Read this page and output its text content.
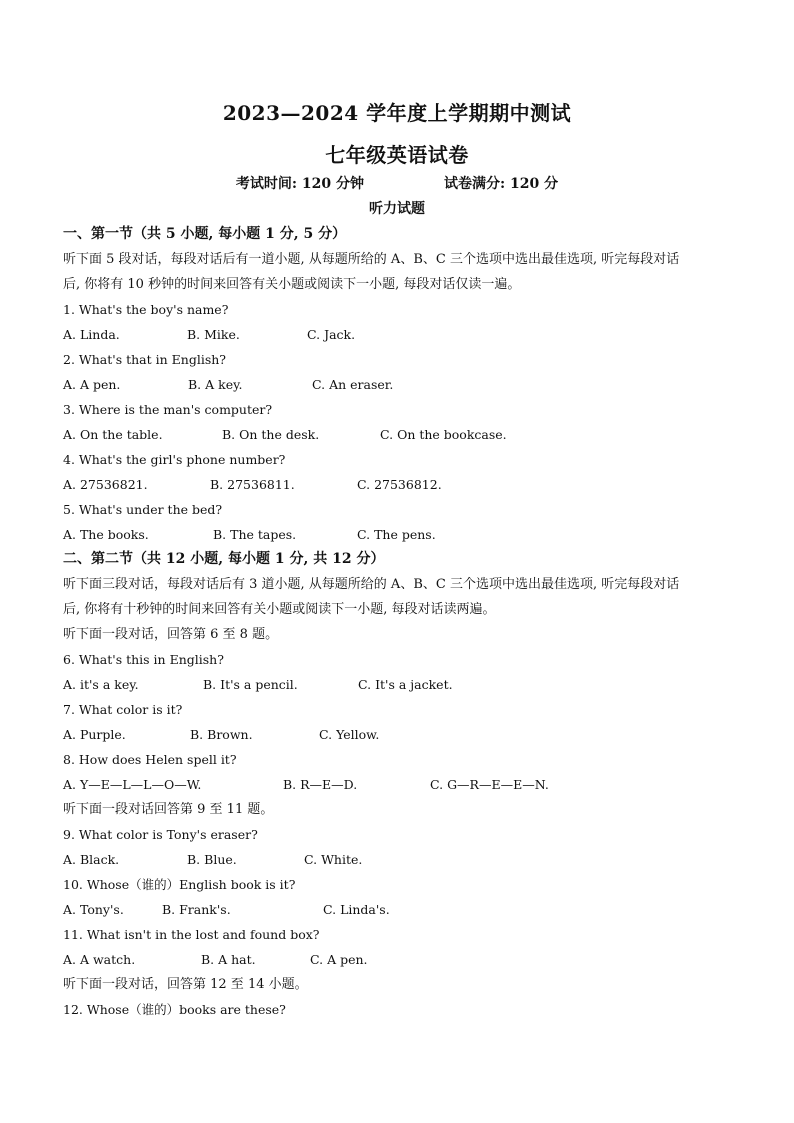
2023—2024 学年度上学期期中测试
七年级英语试卷
考试时间: 120 分钟	试卷满分: 120 分
听力试题
一、第一节（共 5 小题, 每小题 1 分, 5 分）
听下面 5 段对话，每段对话后有一道小题, 从每题所给的 A、B、C 三个选项中选出最佳选项, 听完每段对话
后, 你将有 10 秒钟的时间来回答有关小题或阅读下一小题, 每段对话仅读一遍。
1. What's the boy's name?
A. Linda.	B. Mike.	C. Jack.
2. What's that in English?
A. A pen.	B. A key.	C. An eraser.
3. Where is the man's computer?
A. On the table.	B. On the desk.	C. On the bookcase.
4. What's the girl's phone number?
A. 27536821.	B. 27536811.	C. 27536812.
5. What's under the bed?
A. The books.	B. The tapes.	C. The pens.
二、第二节（共 12 小题, 每小题 1 分, 共 12 分）
听下面三段对话，每段对话后有 3 道小题, 从每题所给的 A、B、C 三个选项中选出最佳选项, 听完每段对话
后, 你将有十秒钟的时间来回答有关小题或阅读下一小题, 每段对话读两遍。
听下面一段对话，回答第 6 至 8 题。
6. What's this in English?
A. it's a key.	B. It's a pencil.	C. It's a jacket.
7. What color is it?
A. Purple.	B. Brown.	C. Yellow.
8. How does Helen spell it?
A. Y—E—L—L—O—W.	B. R—E—D.	C. G—R—E—E—N.
听下面一段对话回答第 9 至 11 题。
9. What color is Tony's eraser?
A. Black.	B. Blue.	C. White.
10. Whose（谁的）English book is it?
A. Tony's.	B. Frank's.	C. Linda's.
11. What isn't in the lost and found box?
A. A watch.	B. A hat.	C. A pen.
听下面一段对话，回答第 12 至 14 小题。
12. Whose（谁的）books are these?
